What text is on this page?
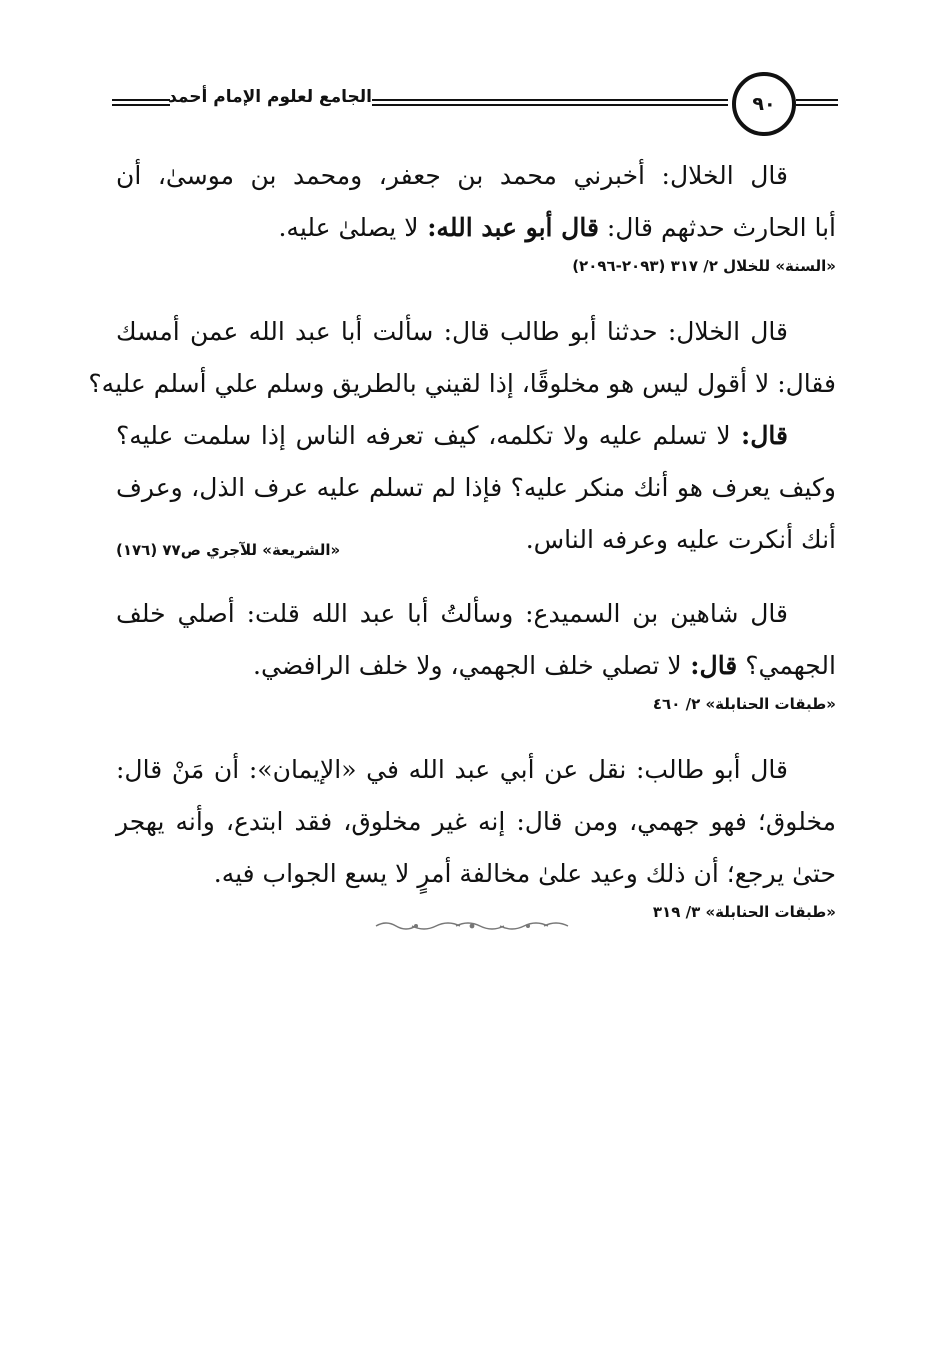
الجامع لعلوم الإمام أحمد	٩٠
قال الخلال: أخبرني محمد بن جعفر، ومحمد بن موسىٰ، أن
أبا الحارث حدثهم قال: قال أبو عبد الله: لا يصلىٰ عليه.
«السنة» للخلال ٢/ ٣١٧ (٢٠٩٣-٢٠٩٦)
قال الخلال: حدثنا أبو طالب قال: سألت أبا عبد الله عمن أمسك
فقال: لا أقول ليس هو مخلوقًا، إذا لقيني بالطريق وسلم علي أسلم عليه؟
قال: لا تسلم عليه ولا تكلمه، كيف تعرفه الناس إذا سلمت عليه؟
وكيف يعرف هو أنك منكر عليه؟ فإذا لم تسلم عليه عرف الذل، وعرف
أنك أنكرت عليه وعرفه الناس.
«الشريعة» للآجري ص٧٧ (١٧٦)
قال شاهين بن السميدع: وسألتُ أبا عبد الله قلت: أصلي خلف
الجهمي؟ قال: لا تصلي خلف الجهمي، ولا خلف الرافضي.
«طبقات الحنابلة» ٢/ ٤٦٠
قال أبو طالب: نقل عن أبي عبد الله في «الإيمان»: أن مَنْ قال:
مخلوق؛ فهو جهمي، ومن قال: إنه غير مخلوق، فقد ابتدع، وأنه يهجر
حتىٰ يرجع؛ أن ذلك وعيد علىٰ مخالفة أمرٍ لا يسع الجواب فيه.
«طبقات الحنابلة» ٣/ ٣١٩
